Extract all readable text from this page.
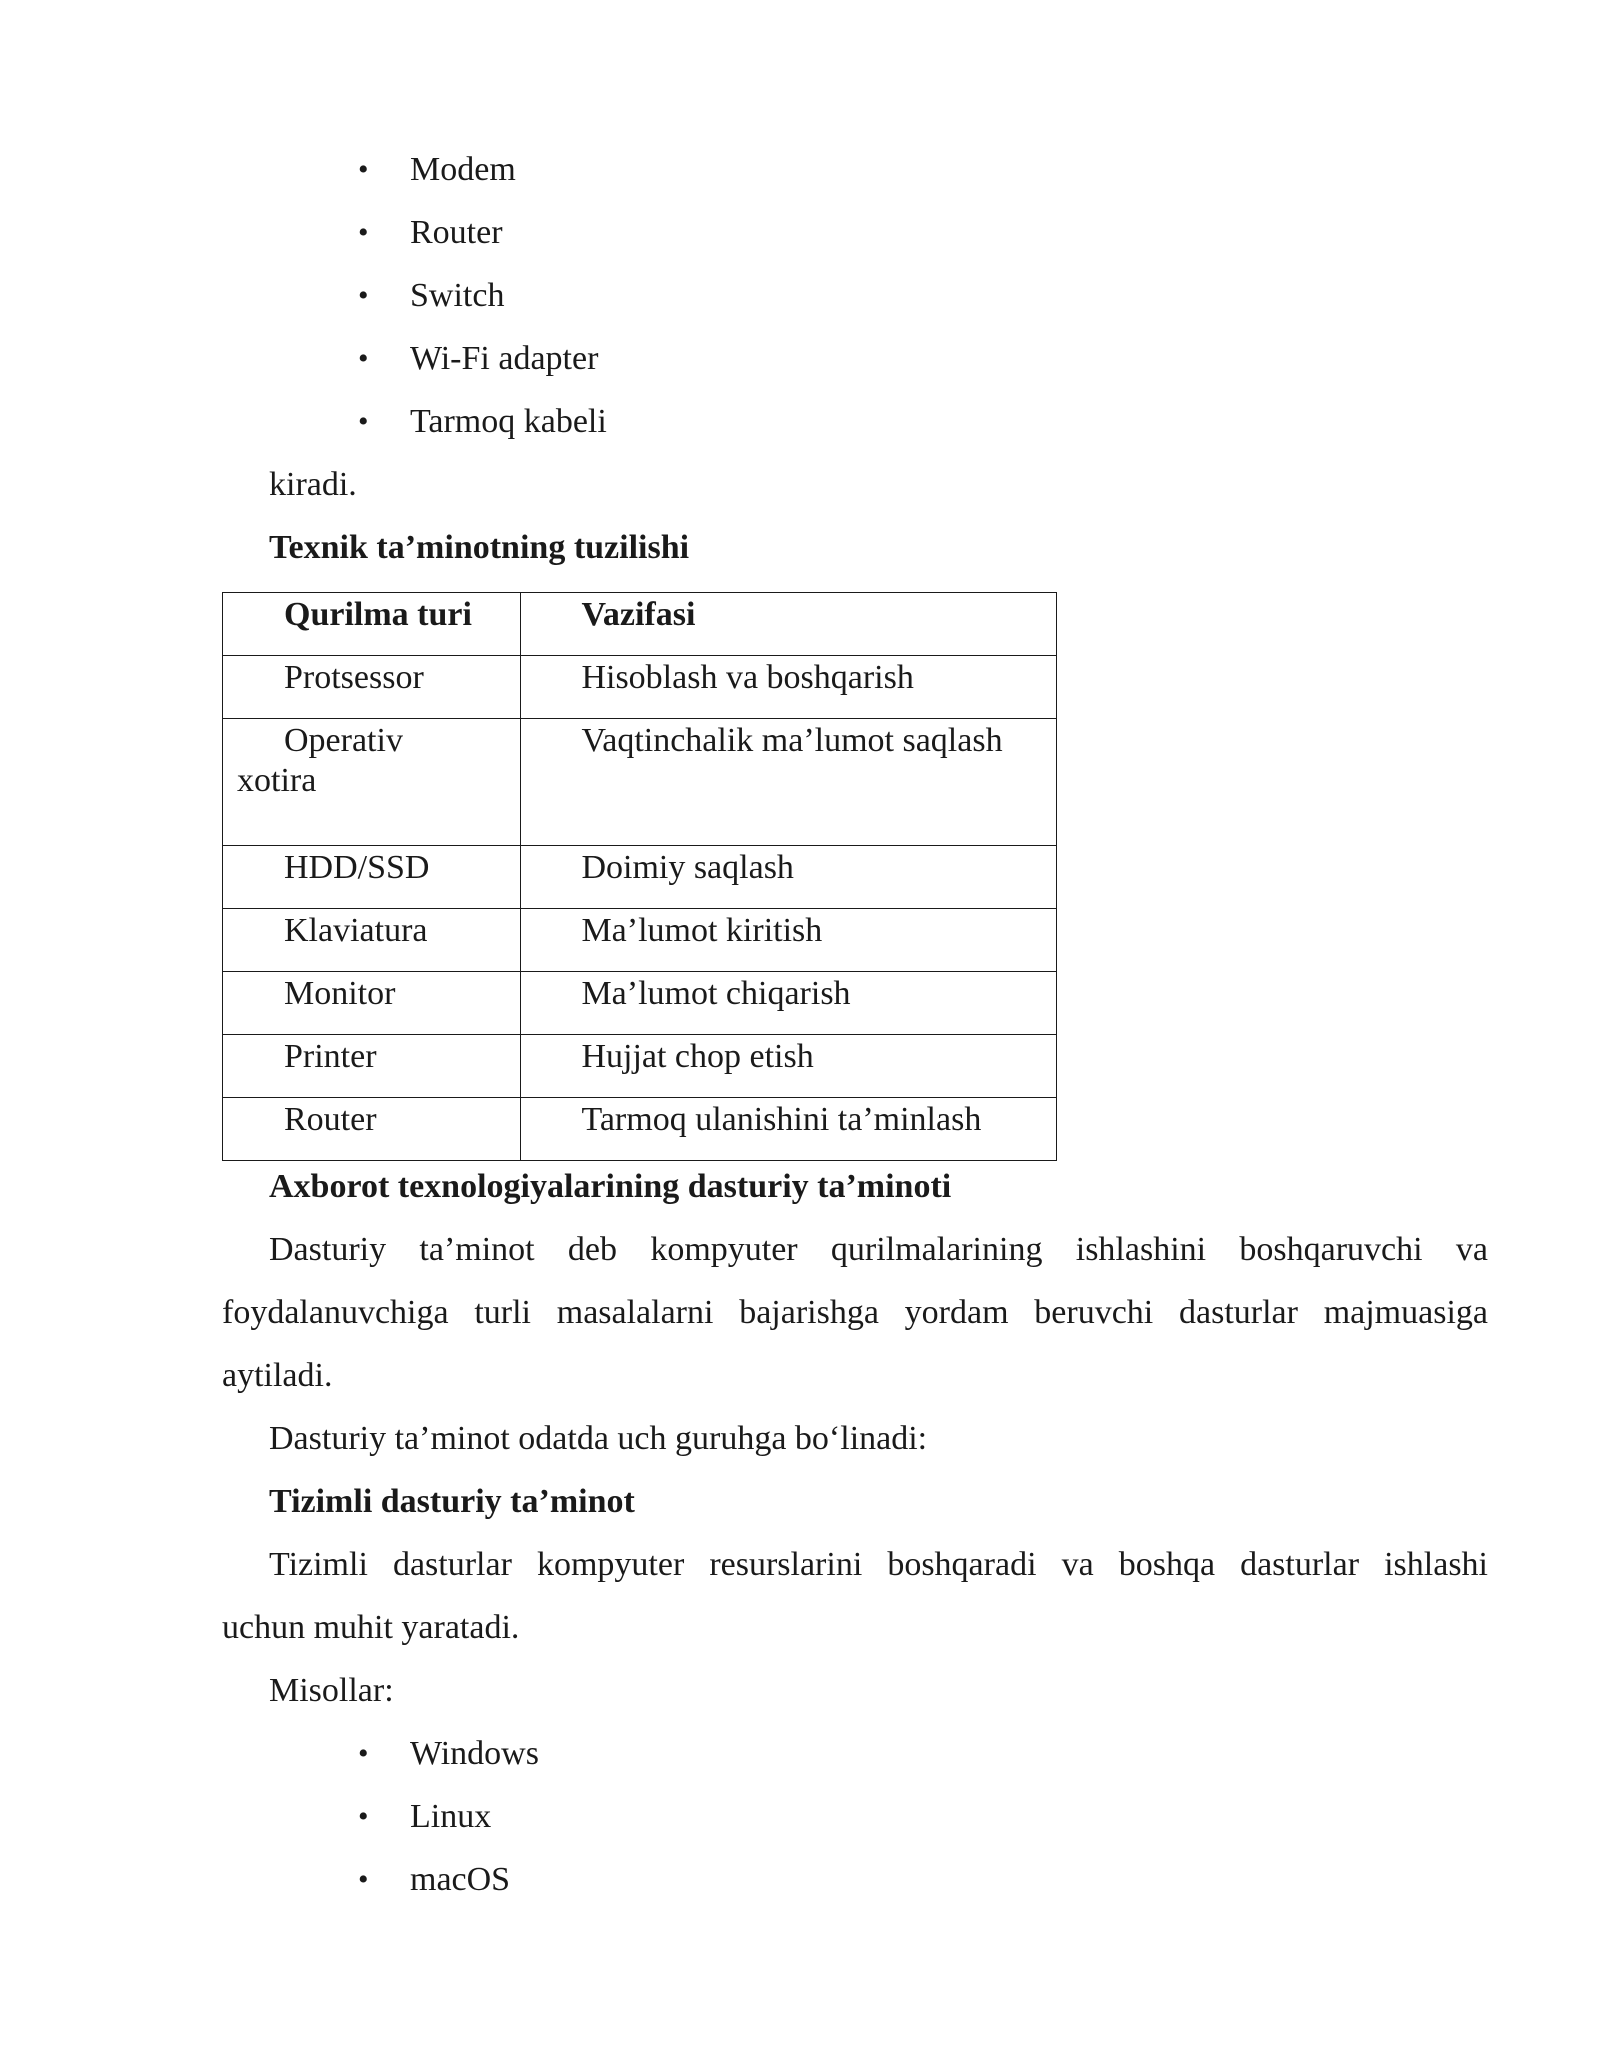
• Modem
• Router
• Switch
• Wi-Fi adapter
• Tarmoq kabeli
kiradi.
Texnik ta’minotning tuzilishi
Qurilma turi	Vazifasi

Protsessor	Hisoblash va boshqarish

Operativ xotira	Vaqtinchalik ma’lumot saqlash

HDD/SSD	Doimiy saqlash

Klaviatura	Ma’lumot kiritish

Monitor	Ma’lumot chiqarish

Printer	Hujjat chop etish

Router	Tarmoq ulanishini ta’minlash
Axborot texnologiyalarining dasturiy ta’minoti
Dasturiy ta’minot deb kompyuter qurilmalarining ishlashini boshqaruvchi va
foydalanuvchiga turli masalalarni bajarishga yordam beruvchi dasturlar majmuasiga
aytiladi.
Dasturiy ta’minot odatda uch guruhga bo‘linadi:
Tizimli dasturiy ta’minot
Tizimli dasturlar kompyuter resurslarini boshqaradi va boshqa dasturlar ishlashi
uchun muhit yaratadi.
Misollar:
• Windows
• Linux
• macOS
